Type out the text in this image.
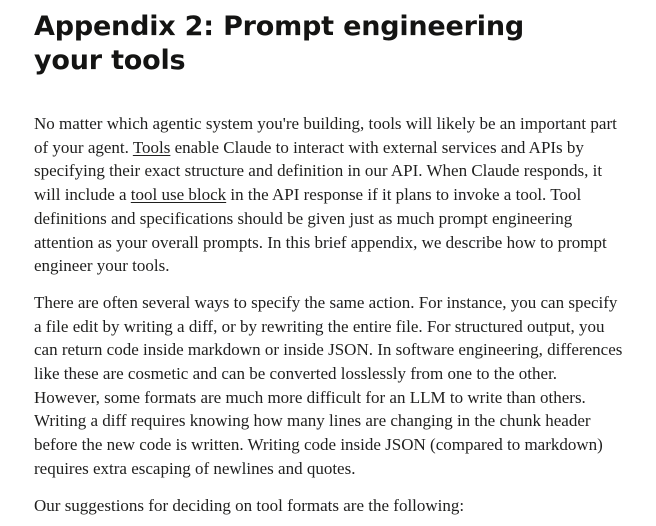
Appendix 2: Prompt engineering
your tools

No matter which agentic system you're building, tools will likely be an important part of your agent. Tools enable Claude to interact with external services and APIs by specifying their exact structure and definition in our API. When Claude responds, it will include a tool use block in the API response if it plans to invoke a tool. Tool definitions and specifications should be given just as much prompt engineering attention as your overall prompts. In this brief appendix, we describe how to prompt engineer your tools.

There are often several ways to specify the same action. For instance, you can specify a file edit by writing a diff, or by rewriting the entire file. For structured output, you can return code inside markdown or inside JSON. In software engineering, differences like these are cosmetic and can be converted losslessly from one to the other. However, some formats are much more difficult for an LLM to write than others. Writing a diff requires knowing how many lines are changing in the chunk header before the new code is written. Writing code inside JSON (compared to markdown) requires extra escaping of newlines and quotes.

Our suggestions for deciding on tool formats are the following:
